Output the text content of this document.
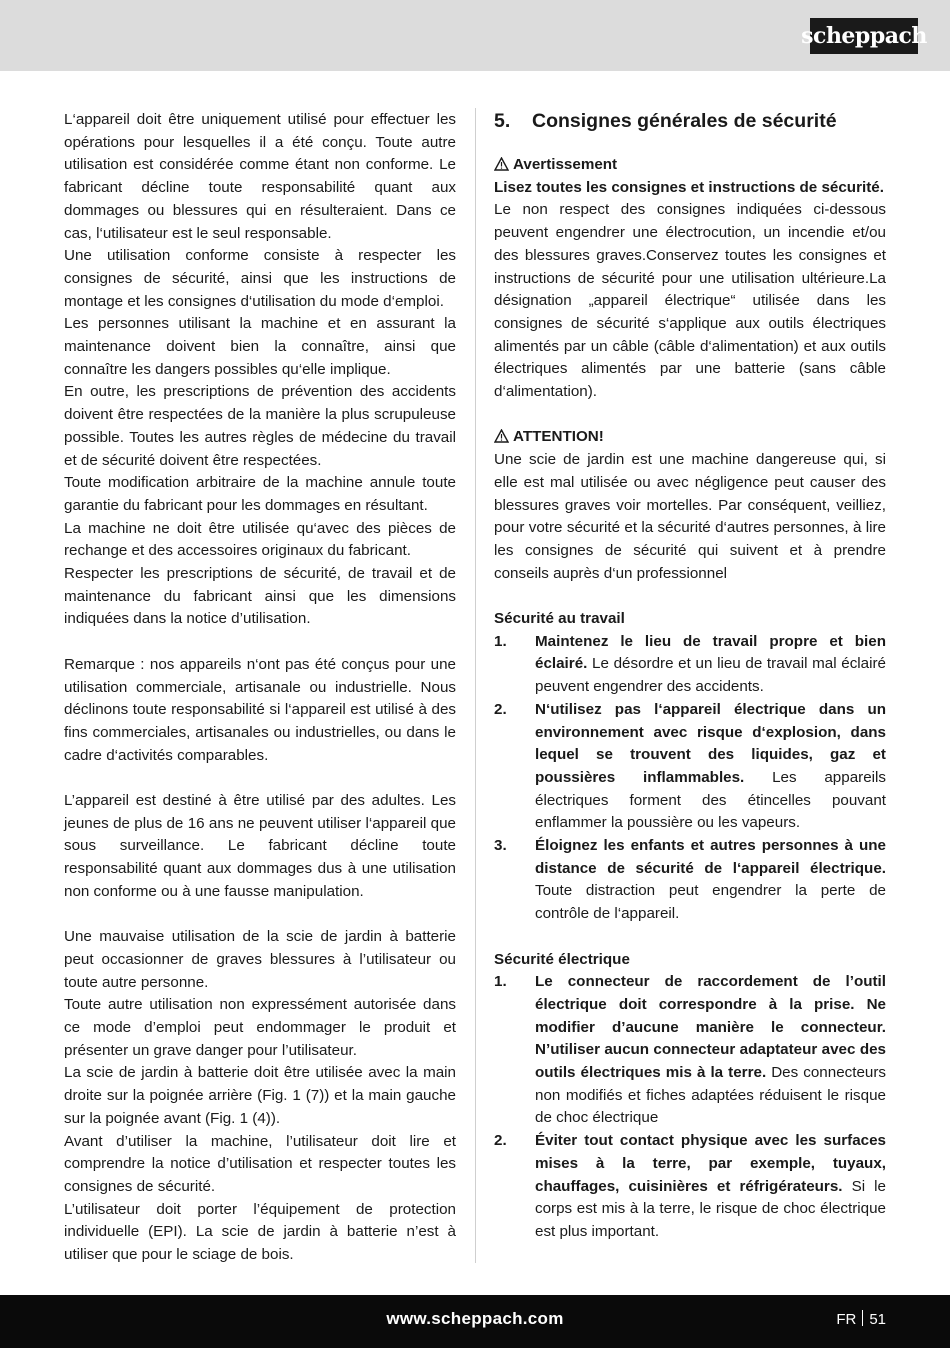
scheppach

L‘appareil doit être uniquement utilisé pour effectuer les opérations pour lesquelles il a été conçu. Toute autre utilisation est considérée comme étant non conforme. Le fabricant décline toute responsabilité quant aux dommages ou blessures qui en résulteraient. Dans ce cas, l‘utilisateur est le seul responsable.

Une utilisation conforme consiste à respecter les consignes de sécurité, ainsi que les instructions de montage et les consignes d‘utilisation du mode d‘emploi.

Les personnes utilisant la machine et en assurant la maintenance doivent bien la connaître, ainsi que connaître les dangers possibles qu‘elle implique.

En outre, les prescriptions de prévention des accidents doivent être respectées de la manière la plus scrupuleuse possible. Toutes les autres règles de médecine du travail et de sécurité doivent être respectées.

Toute modification arbitraire de la machine annule toute garantie du fabricant pour les dommages en résultant.

La machine ne doit être utilisée qu‘avec des pièces de rechange et des accessoires originaux du fabricant.

Respecter les prescriptions de sécurité, de travail et de maintenance du fabricant ainsi que les dimensions indiquées dans la notice d’utilisation.

Remarque : nos appareils n‘ont pas été conçus pour une utilisation commerciale, artisanale ou industrielle. Nous déclinons toute responsabilité si l‘appareil est utilisé à des fins commerciales, artisanales ou industrielles, ou dans le cadre d‘activités comparables.

L’appareil est destiné à être utilisé par des adultes. Les jeunes de plus de 16 ans ne peuvent utiliser l‘appareil que sous surveillance. Le fabricant décline toute responsabilité quant aux dommages dus à une utilisation non conforme ou à une fausse manipulation.

Une mauvaise utilisation de la scie de jardin à batterie peut occasionner de graves blessures à l’utilisateur ou toute autre personne.

Toute autre utilisation non expressément autorisée dans ce mode d’emploi peut endommager le produit et présenter un grave danger pour l’utilisateur.

La scie de jardin à batterie doit être utilisée avec la main droite sur la poignée arrière (Fig. 1 (7)) et la main gauche sur la poignée avant (Fig. 1 (4)).

Avant d’utiliser la machine, l’utilisateur doit lire et comprendre la notice d’utilisation et respecter toutes les consignes de sécurité.

L’utilisateur doit porter l’équipement de protection individuelle (EPI). La scie de jardin à batterie n’est à utiliser que pour le sciage de bois.

5.	Consignes générales de sécurité

Avertissement

Lisez toutes les consignes et instructions de sécurité.

Le non respect des consignes indiquées ci-dessous peuvent engendrer une électrocution, un incendie et/ou des blessures graves.Conservez toutes les consignes et instructions de sécurité pour une utilisation ultérieure.La désignation „appareil électrique“ utilisée dans les consignes de sécurité s‘applique aux outils électriques alimentés par un câble (câble d‘alimentation) et aux outils électriques alimentés par une batterie (sans câble d‘alimentation).

ATTENTION!

Une scie de jardin est une machine dangereuse qui, si elle est mal utilisée ou avec négligence peut causer des blessures graves voir mortelles. Par conséquent, veilliez, pour votre sécurité et la sécurité d‘autres personnes, à lire les consignes de sécurité qui suivent et à prendre conseils auprès d‘un professionnel

Sécurité au travail

1.	Maintenez le lieu de travail propre et bien éclairé. Le désordre et un lieu de travail mal éclairé peuvent engendrer des accidents.
2.	N‘utilisez pas l‘appareil électrique dans un environnement avec risque d‘explosion, dans lequel se trouvent des liquides, gaz et poussières inflammables. Les appareils électriques forment des étincelles pouvant enflammer la poussière ou les vapeurs.
3.	Éloignez les enfants et autres personnes à une distance de sécurité de l‘appareil électrique. Toute distraction peut engendrer la perte de contrôle de l‘appareil.

Sécurité électrique

1.	Le connecteur de raccordement de l’outil électrique doit correspondre à la prise. Ne modifier d’aucune manière le connecteur. N’utiliser aucun connecteur adaptateur avec des outils électriques mis à la terre. Des connecteurs non modifiés et fiches adaptées réduisent le risque de choc électrique
2.	Éviter tout contact physique avec les surfaces mises à la terre, par exemple, tuyaux, chauffages, cuisinières et réfrigérateurs. Si le corps est mis à la terre, le risque de choc électrique est plus important.
www.scheppach.com	FR 51
